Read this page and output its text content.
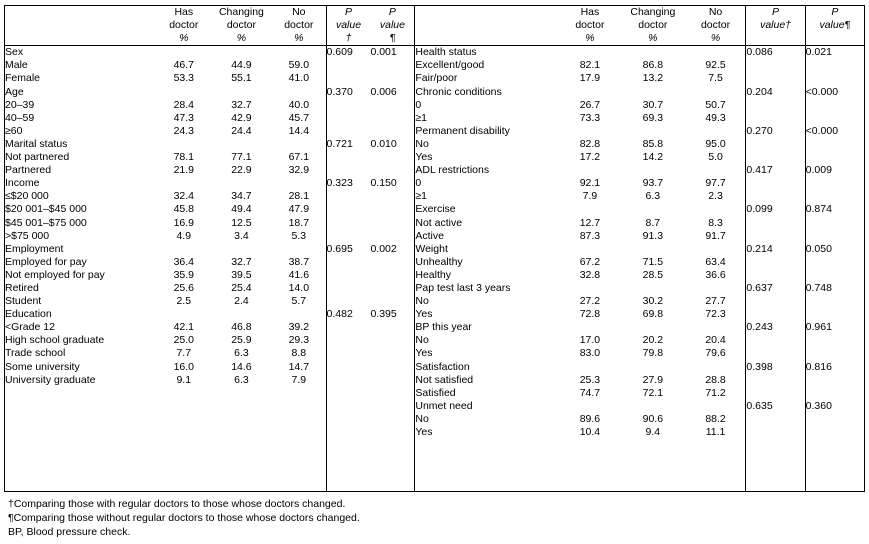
	Has
doctor
%	Changing
doctor
%	No
doctor
%	P
value
†	P
value
¶		Has
doctor
%	Changing
doctor
%	No
doctor
%	P
value†	P
value¶

Sex				0.609	0.001	Health status				0.086	0.021
Male	46.7	44.9	59.0			Excellent/good	82.1	86.8	92.5		
Female	53.3	55.1	41.0			Fair/poor	17.9	13.2	7.5		
Age				0.370	0.006	Chronic conditions				0.204	<0.000
20–39	28.4	32.7	40.0			0	26.7	30.7	50.7		
40–59	47.3	42.9	45.7			≥1	73.3	69.3	49.3		
≥60	24.3	24.4	14.4			Permanent disability				0.270	<0.000
Marital status				0.721	0.010	No	82.8	85.8	95.0		
Not partnered	78.1	77.1	67.1			Yes	17.2	14.2	5.0		
Partnered	21.9	22.9	32.9			ADL restrictions				0.417	0.009
Income				0.323	0.150	0	92.1	93.7	97.7		
≤$20 000	32.4	34.7	28.1			≥1	7.9	6.3	2.3		
$20 001–$45 000	45.8	49.4	47.9			Exercise				0.099	0.874
$45 001–$75 000	16.9	12.5	18.7			Not active	12.7	8.7	8.3		
>$75 000	4.9	3.4	5.3			Active	87.3	91.3	91.7		
Employment				0.695	0.002	Weight				0.214	0.050
Employed for pay	36.4	32.7	38.7			Unhealthy	67.2	71.5	63.4		
Not employed for pay	35.9	39.5	41.6			Healthy	32.8	28.5	36.6		
Retired	25.6	25.4	14.0			Pap test last 3 years				0.637	0.748
Student	2.5	2.4	5.7			No	27.2	30.2	27.7		
Education				0.482	0.395	Yes	72.8	69.8	72.3		
<Grade 12	42.1	46.8	39.2			BP this year				0.243	0.961
High school graduate	25.0	25.9	29.3			No	17.0	20.2	20.4		
Trade school	7.7	6.3	8.8			Yes	83.0	79.8	79.6		
Some university	16.0	14.6	14.7			Satisfaction				0.398	0.816
University graduate	9.1	6.3	7.9			Not satisfied	25.3	27.9	28.8		
						Satisfied	74.7	72.1	71.2		
						Unmet need				0.635	0.360
						No	89.6	90.6	88.2		
						Yes	10.4	9.4	11.1		

†Comparing those with regular doctors to those whose doctors changed.
¶Comparing those without regular doctors to those whose doctors changed.
BP, Blood pressure check.
